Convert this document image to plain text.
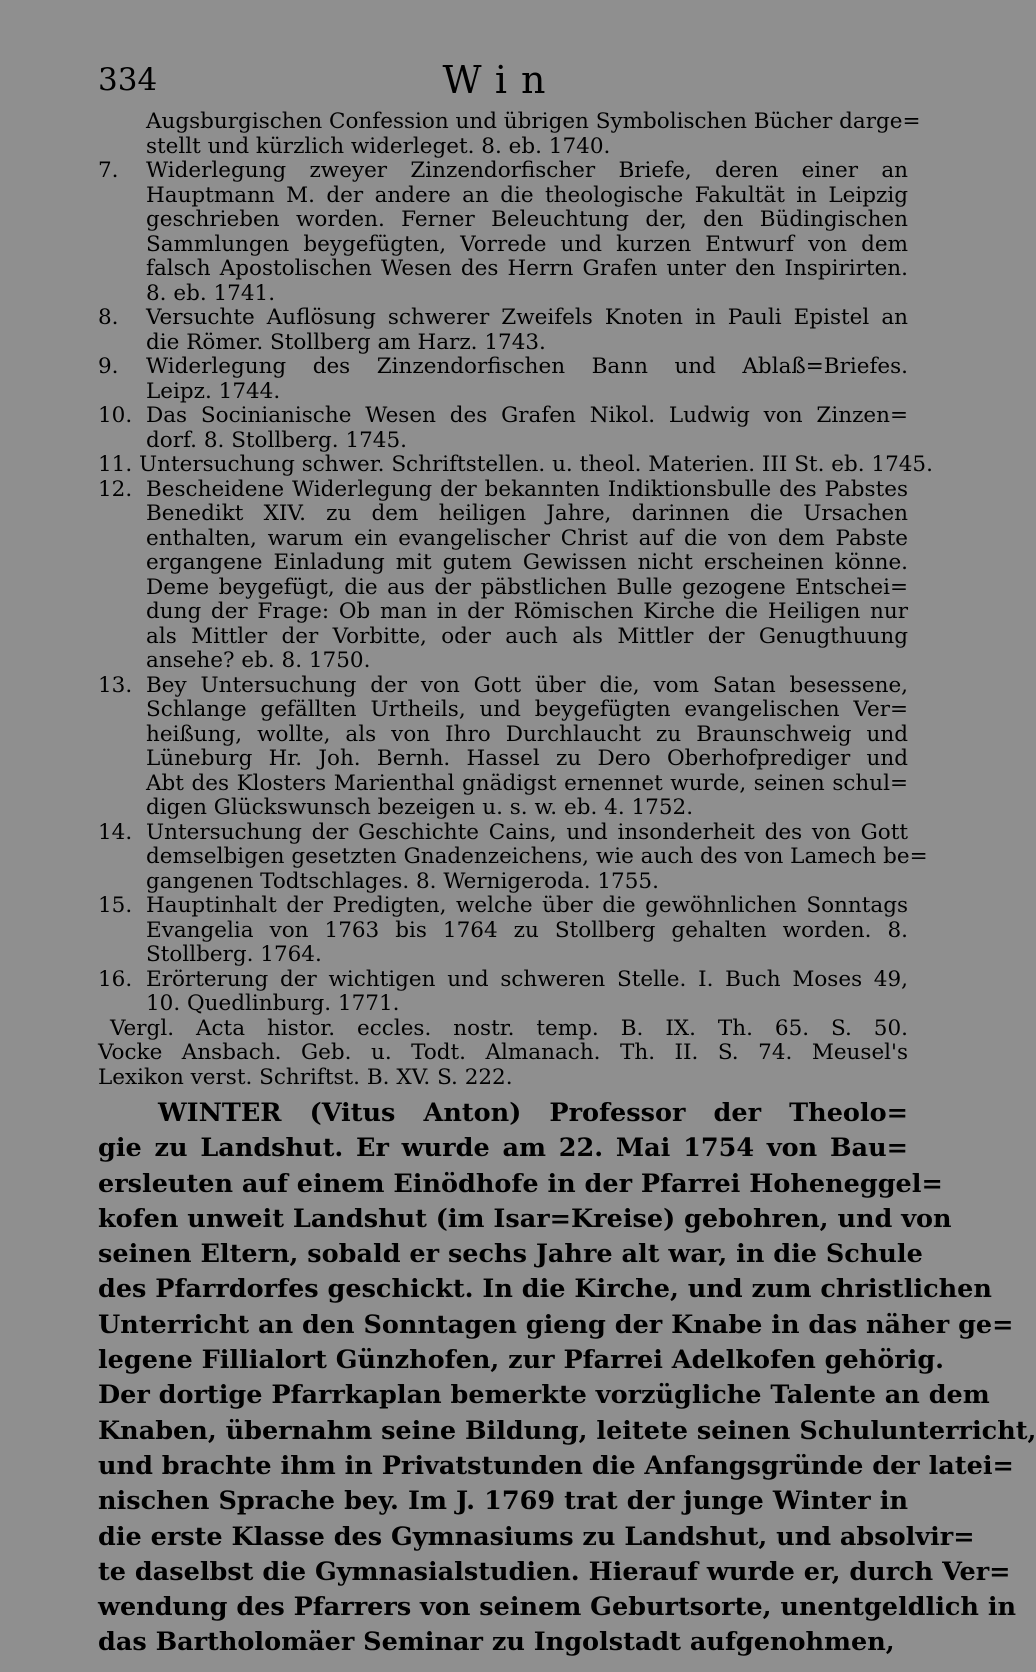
334	Win
Augsburgischen Confession und übrigen Symbolischen Bücher darge=
stellt und kürzlich widerleget. 8. eb. 1740.
7. Widerlegung zweyer Zinzendorfischer Briefe, deren einer an
Hauptmann M. der andere an die theologische Fakultät in Leipzig
geschrieben worden. Ferner Beleuchtung der, den Büdingischen
Sammlungen beygefügten, Vorrede und kurzen Entwurf von dem
falsch Apostolischen Wesen des Herrn Grafen unter den Inspirirten.
8. eb. 1741.
8. Versuchte Auflösung schwerer Zweifels Knoten in Pauli Epistel an
die Römer. Stollberg am Harz. 1743.
9. Widerlegung des Zinzendorfischen Bann und Ablaß=Briefes.
Leipz. 1744.
10. Das Socinianische Wesen des Grafen Nikol. Ludwig von Zinzen=
dorf. 8. Stollberg. 1745.
11. Untersuchung schwer. Schriftstellen. u. theol. Materien. III St. eb. 1745.
12. Bescheidene Widerlegung der bekannten Indiktionsbulle des Pabstes
Benedikt XIV. zu dem heiligen Jahre, darinnen die Ursachen
enthalten, warum ein evangelischer Christ auf die von dem Pabste
ergangene Einladung mit gutem Gewissen nicht erscheinen könne.
Deme beygefügt, die aus der päbstlichen Bulle gezogene Entschei=
dung der Frage: Ob man in der Römischen Kirche die Heiligen nur
als Mittler der Vorbitte, oder auch als Mittler der Genugthuung
ansehe? eb. 8. 1750.
13. Bey Untersuchung der von Gott über die, vom Satan besessene,
Schlange gefällten Urtheils, und beygefügten evangelischen Ver=
heißung, wollte, als von Ihro Durchlaucht zu Braunschweig und
Lüneburg Hr. Joh. Bernh. Hassel zu Dero Oberhofprediger und
Abt des Klosters Marienthal gnädigst ernennet wurde, seinen schul=
digen Glückswunsch bezeigen u. s. w. eb. 4. 1752.
14. Untersuchung der Geschichte Cains, und insonderheit des von Gott
demselbigen gesetzten Gnadenzeichens, wie auch des von Lamech be=
gangenen Todtschlages. 8. Wernigeroda. 1755.
15. Hauptinhalt der Predigten, welche über die gewöhnlichen Sonntags
Evangelia von 1763 bis 1764 zu Stollberg gehalten worden. 8.
Stollberg. 1764.
16. Erörterung der wichtigen und schweren Stelle. I. Buch Moses 49,
10. Quedlinburg. 1771.
Vergl. Acta histor. eccles. nostr. temp. B. IX. Th. 65. S. 50.
Vocke Ansbach. Geb. u. Todt. Almanach. Th. II. S. 74. Meusel's
Lexikon verst. Schriftst. B. XV. S. 222.
WINTER (Vitus Anton) Professor der Theolo=
gie zu Landshut. Er wurde am 22. Mai 1754 von Bau=
ersleuten auf einem Einödhofe in der Pfarrei Hoheneggel=
kofen unweit Landshut (im Isar=Kreise) gebohren, und von
seinen Eltern, sobald er sechs Jahre alt war, in die Schule
des Pfarrdorfes geschickt. In die Kirche, und zum christlichen
Unterricht an den Sonntagen gieng der Knabe in das näher ge=
legene Fillialort Günzhofen, zur Pfarrei Adelkofen gehörig.
Der dortige Pfarrkaplan bemerkte vorzügliche Talente an dem
Knaben, übernahm seine Bildung, leitete seinen Schulunterricht,
und brachte ihm in Privatstunden die Anfangsgründe der latei=
nischen Sprache bey. Im J. 1769 trat der junge Winter in
die erste Klasse des Gymnasiums zu Landshut, und absolvir=
te daselbst die Gymnasialstudien. Hierauf wurde er, durch Ver=
wendung des Pfarrers von seinem Geburtsorte, unentgeldlich in
das Bartholomäer Seminar zu Ingolstadt aufgenohmen,
